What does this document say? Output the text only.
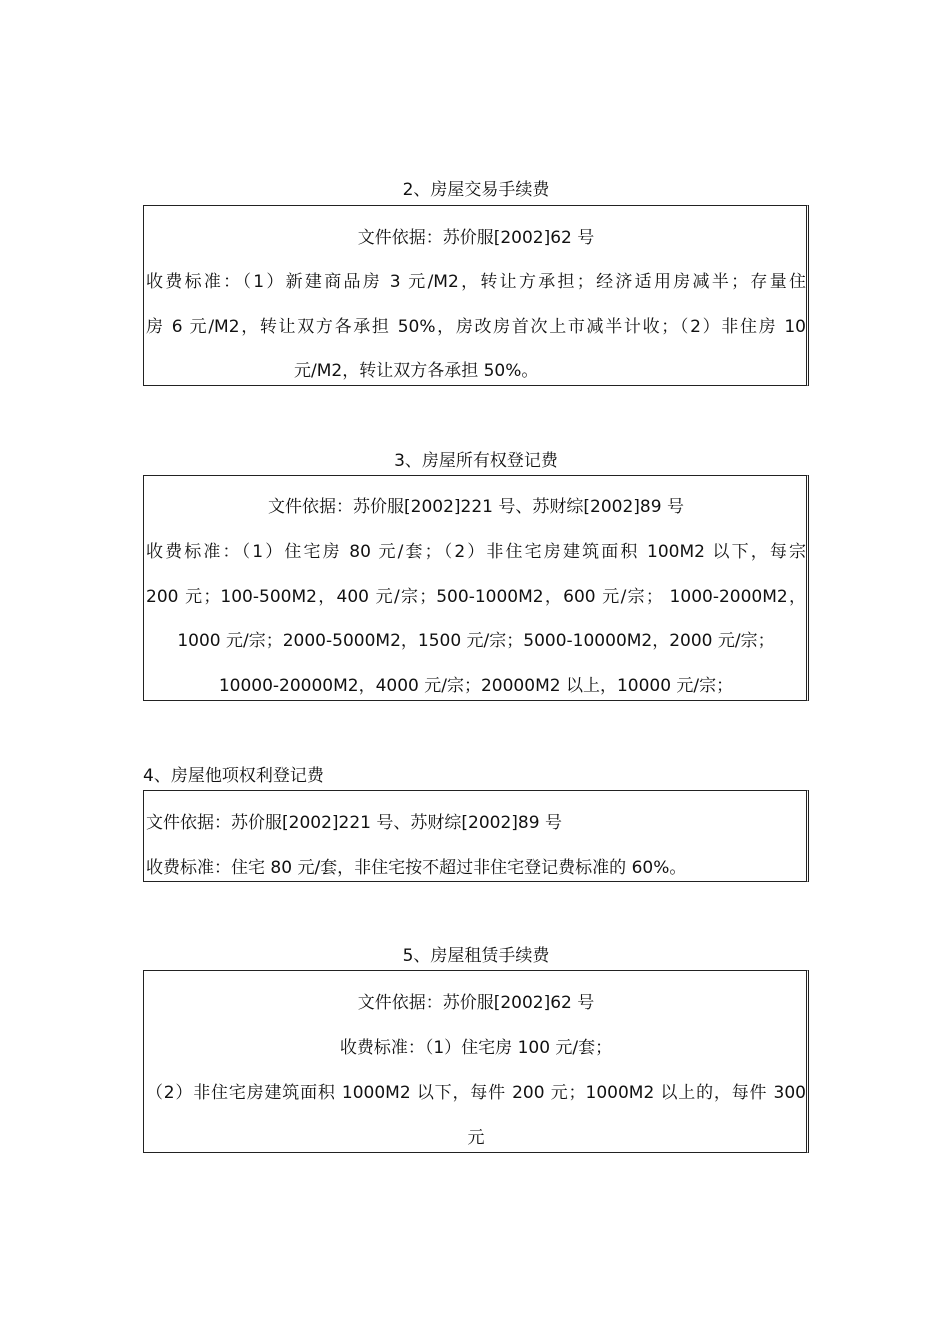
2、房屋交易手续费
文件依据：苏价服[2002]62 号
收费标准：（1）新建商品房 3 元/M2，转让方承担；经济适用房减半；存量住
房 6 元/M2，转让双方各承担 50%，房改房首次上市减半计收；（2）非住房 10
元/M2，转让双方各承担 50%。
3、房屋所有权登记费
文件依据：苏价服[2002]221 号、苏财综[2002]89 号
收费标准：（1）住宅房 80 元/套；（2）非住宅房建筑面积 100M2 以下，每宗
200 元；100-500M2，400 元/宗；500-1000M2，600 元/宗； 1000-2000M2，
1000 元/宗；2000-5000M2，1500 元/宗；5000-10000M2，2000 元/宗；
10000-20000M2，4000 元/宗；20000M2 以上，10000 元/宗；
4、房屋他项权利登记费
文件依据：苏价服[2002]221 号、苏财综[2002]89 号
收费标准：住宅 80 元/套，非住宅按不超过非住宅登记费标准的 60%。
5、房屋租赁手续费
文件依据：苏价服[2002]62 号
收费标准：（1）住宅房 100 元/套；
（2）非住宅房建筑面积 1000M2 以下，每件 200 元；1000M2 以上的，每件 300
元
